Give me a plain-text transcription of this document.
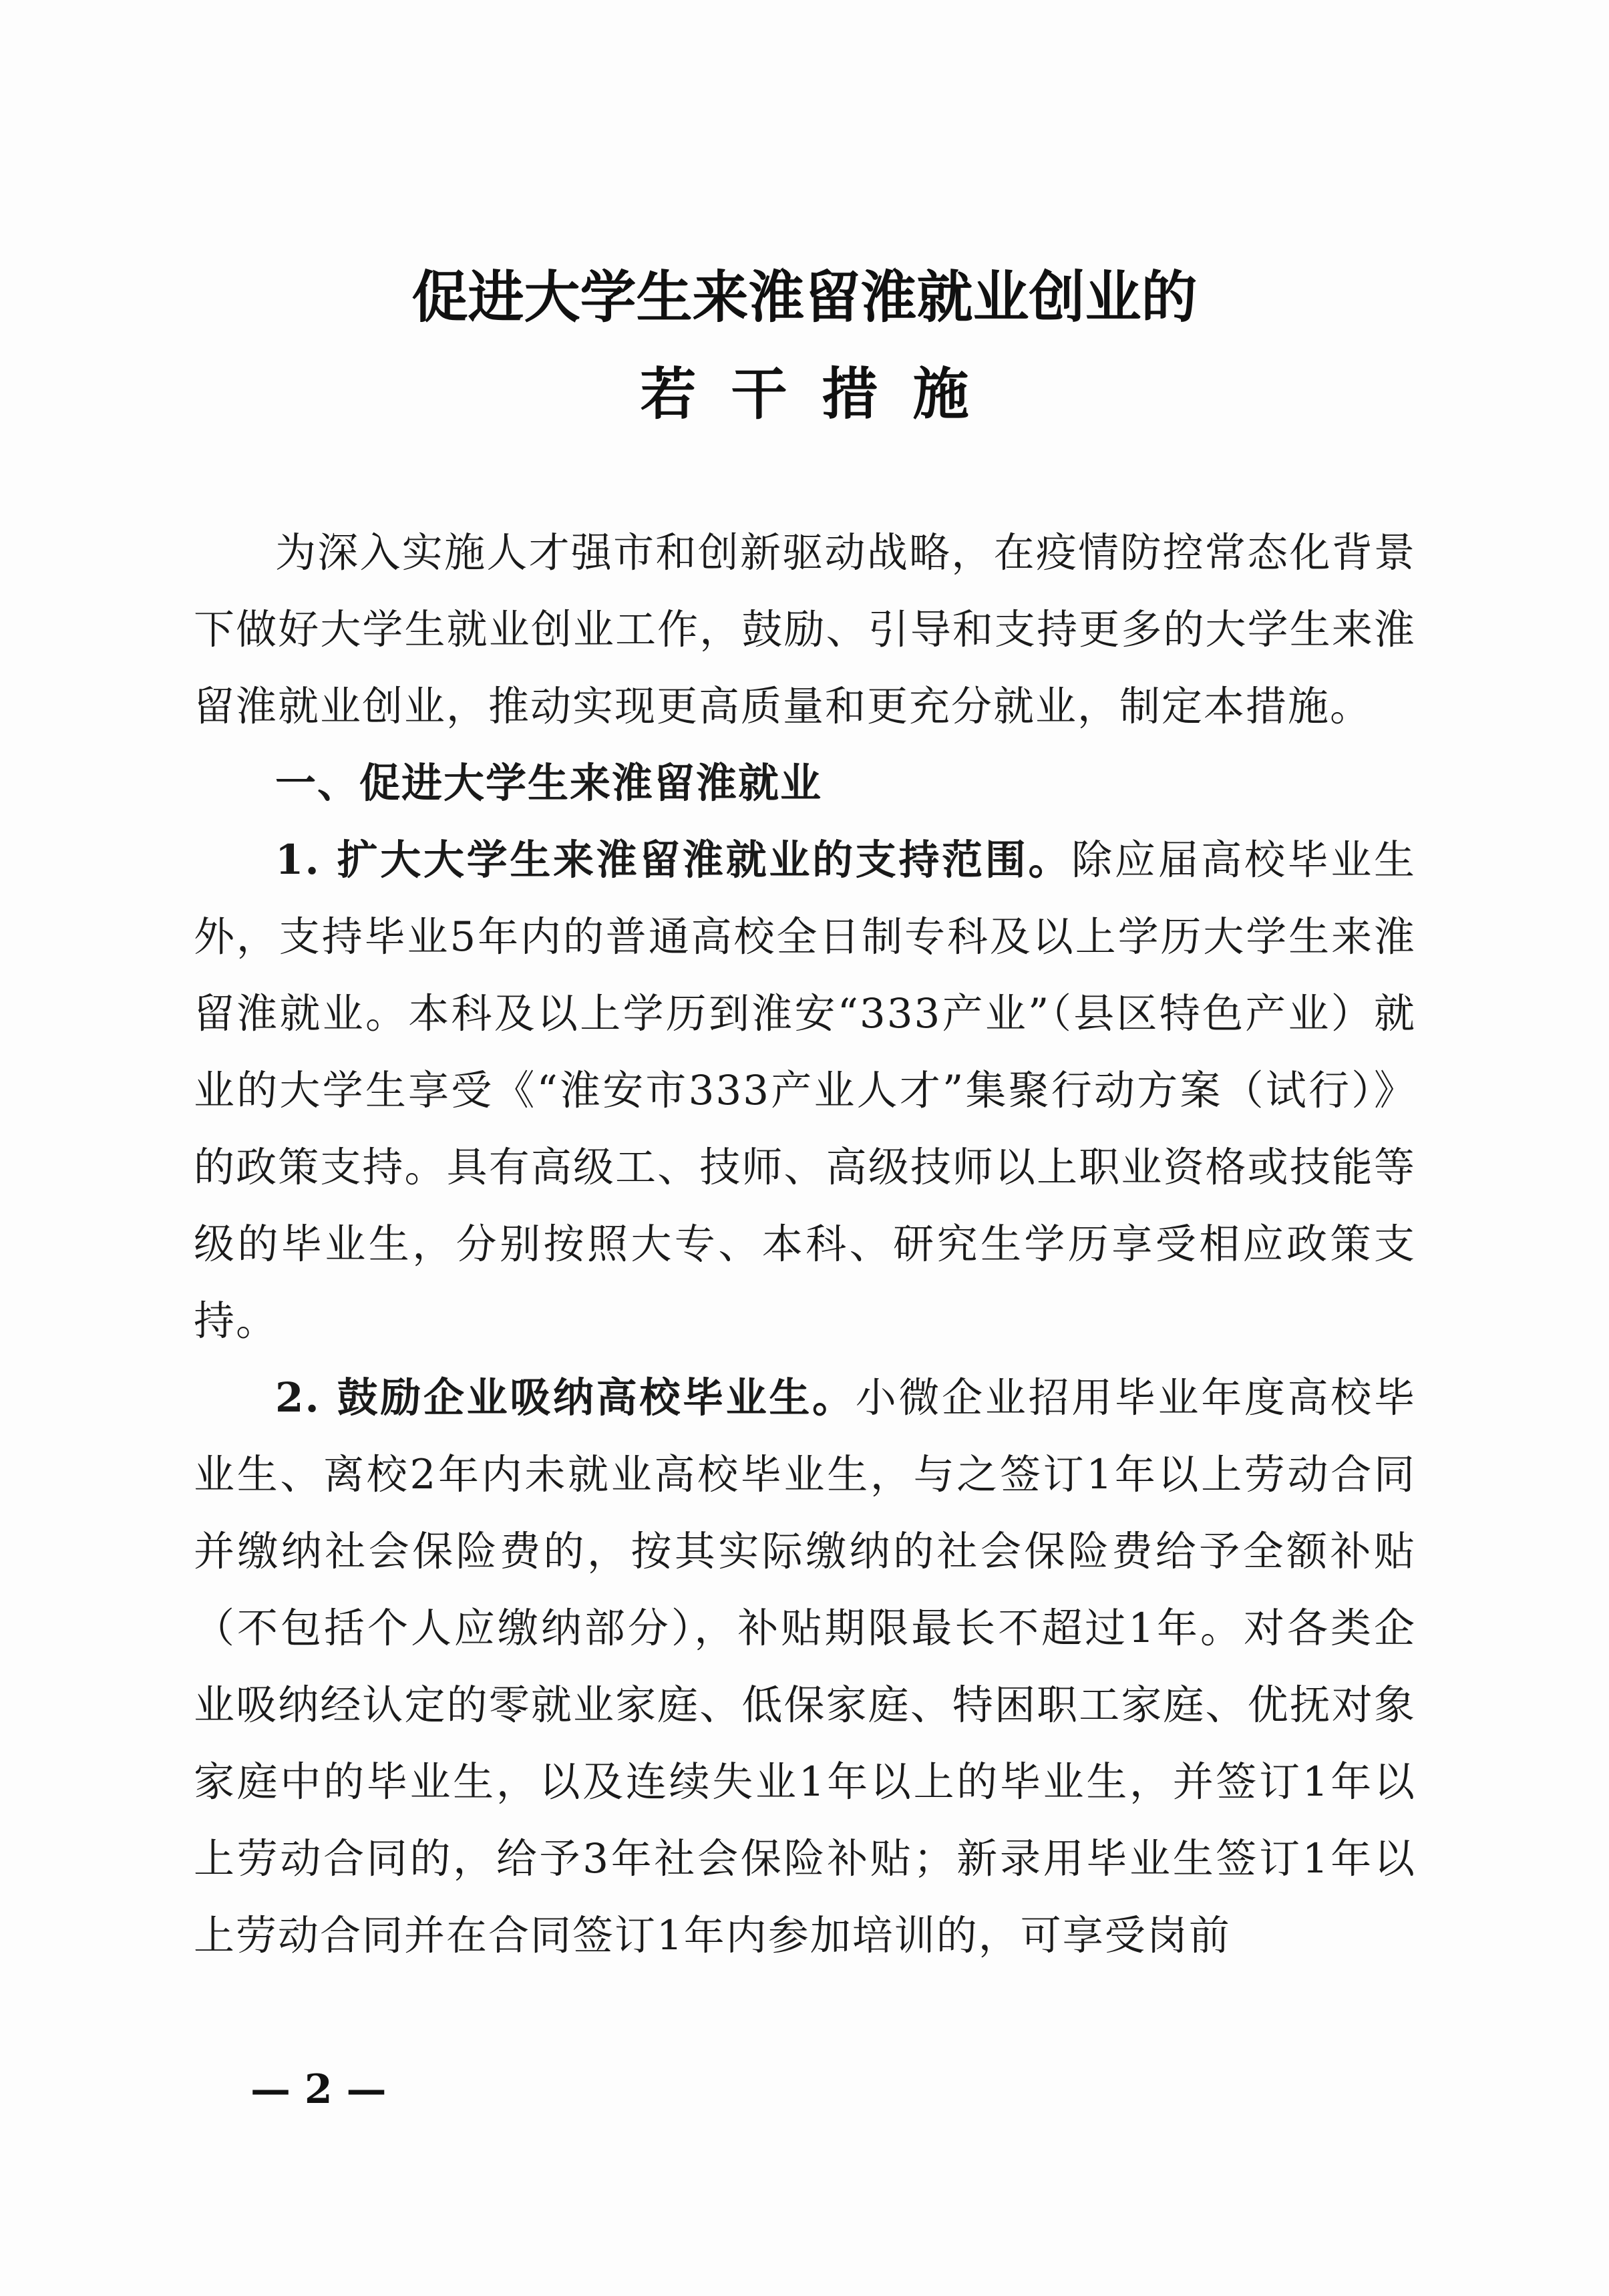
促进大学生来淮留淮就业创业的
若干措施

为深入实施人才强市和创新驱动战略，在疫情防控常态化背景下做好大学生就业创业工作，鼓励、引导和支持更多的大学生来淮留淮就业创业，推动实现更高质量和更充分就业，制定本措施。

一、促进大学生来淮留淮就业

1. 扩大大学生来淮留淮就业的支持范围。除应届高校毕业生外，支持毕业5年内的普通高校全日制专科及以上学历大学生来淮留淮就业。本科及以上学历到淮安“333产业”（县区特色产业）就业的大学生享受《“淮安市333产业人才”集聚行动方案（试行）》的政策支持。具有高级工、技师、高级技师以上职业资格或技能等级的毕业生，分别按照大专、本科、研究生学历享受相应政策支持。

2. 鼓励企业吸纳高校毕业生。小微企业招用毕业年度高校毕业生、离校2年内未就业高校毕业生，与之签订1年以上劳动合同并缴纳社会保险费的，按其实际缴纳的社会保险费给予全额补贴（不包括个人应缴纳部分），补贴期限最长不超过1年。对各类企业吸纳经认定的零就业家庭、低保家庭、特困职工家庭、优抚对象家庭中的毕业生，以及连续失业1年以上的毕业生，并签订1年以上劳动合同的，给予3年社会保险补贴；新录用毕业生签订1年以上劳动合同并在合同签订1年内参加培训的，可享受岗前

— 2 —
